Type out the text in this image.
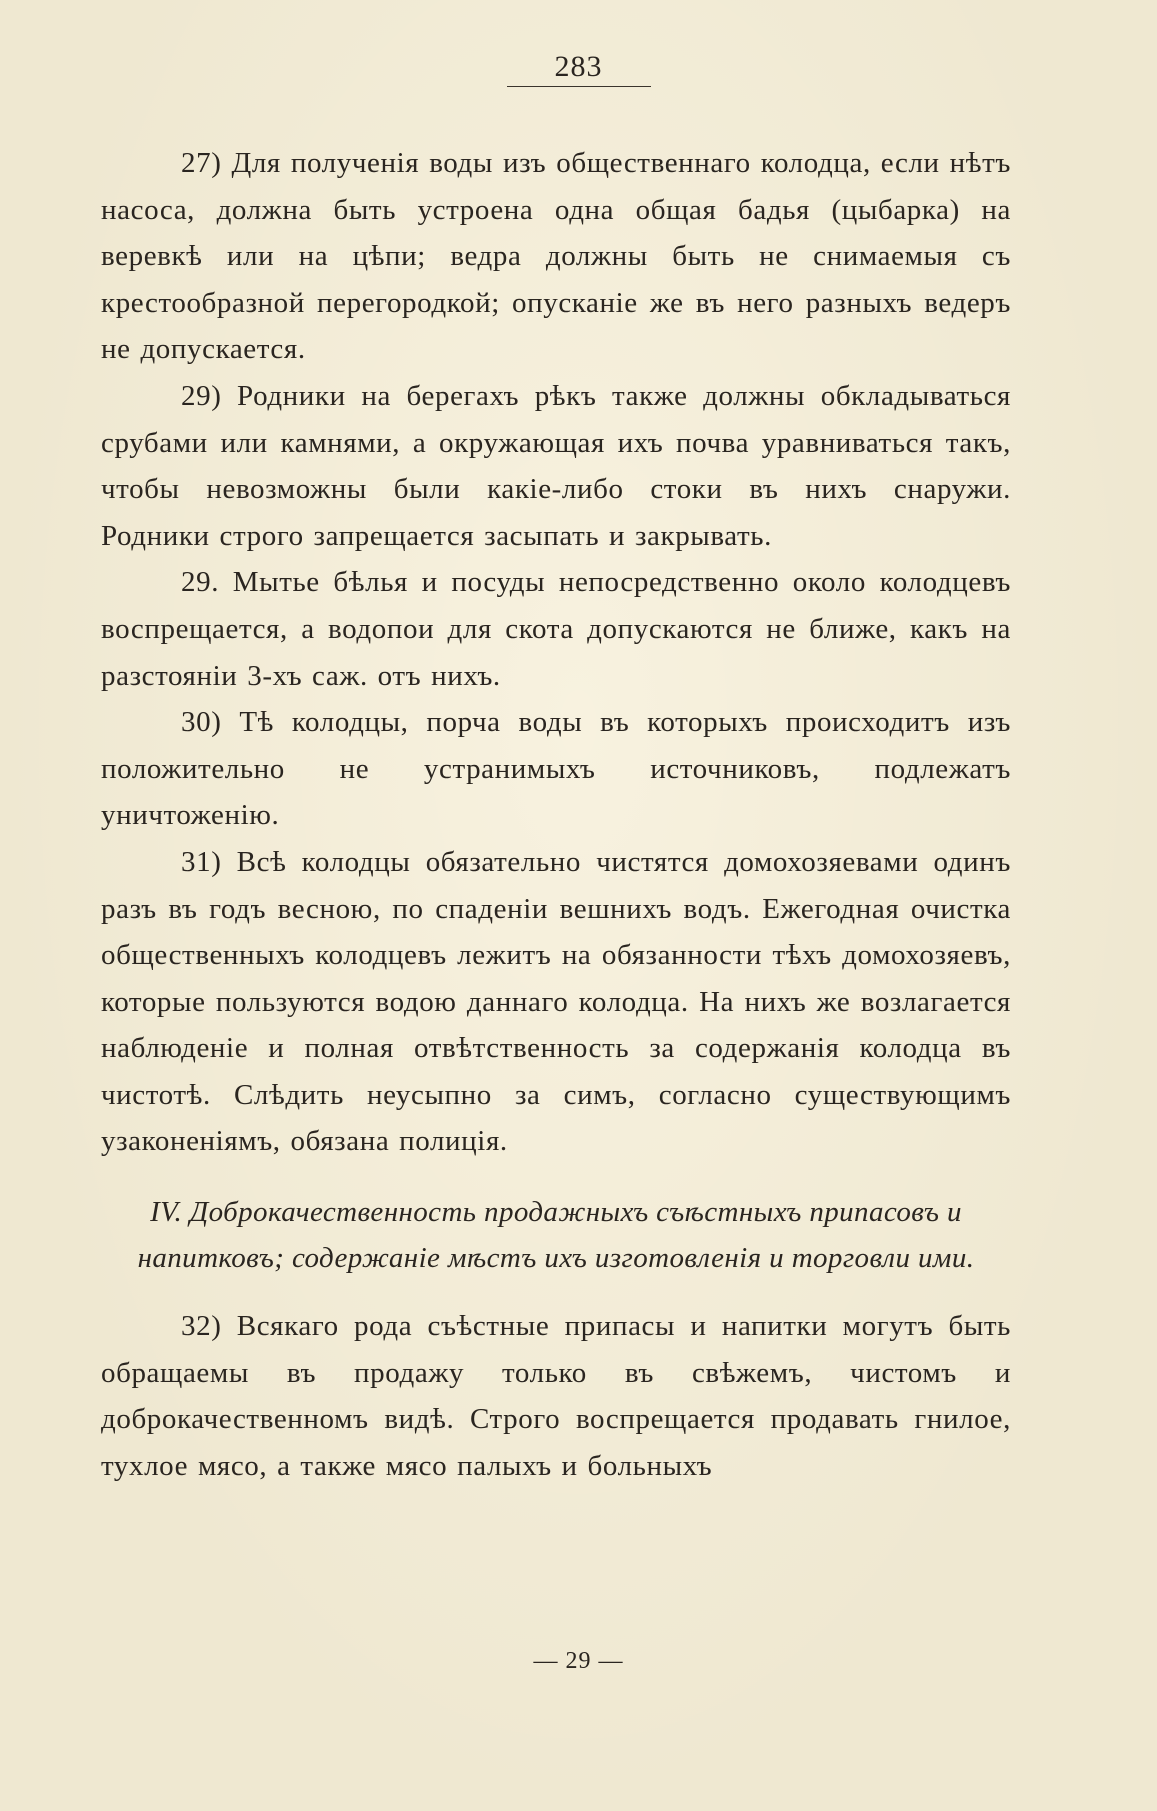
283

27) Для полученія воды изъ общественнаго колодца, если нѣтъ насоса, должна быть устроена одна общая бадья (цыбарка) на веревкѣ или на цѣпи; ведра должны быть не снимаемыя съ крестообразной перегородкой; опусканіе же въ него разныхъ ведеръ не допускается.

29) Родники на берегахъ рѣкъ также должны обкладываться срубами или камнями, а окружающая ихъ почва уравниваться такъ, чтобы невозможны были какіе-либо стоки въ нихъ снаружи. Родники строго запрещается засыпать и закрывать.

29. Мытье бѣлья и посуды непосредственно около колодцевъ воспрещается, а водопои для скота допускаются не ближе, какъ на разстояніи 3-хъ саж. отъ нихъ.

30) Тѣ колодцы, порча воды въ которыхъ происходитъ изъ положительно не устранимыхъ источниковъ, подлежатъ уничтоженію.

31) Всѣ колодцы обязательно чистятся домохозяевами одинъ разъ въ годъ весною, по спаденіи вешнихъ водъ. Ежегодная очистка общественныхъ колодцевъ лежитъ на обязанности тѣхъ домохозяевъ, которые пользуются водою даннаго колодца. На нихъ же возлагается наблюденіе и полная отвѣтственность за содержанія колодца въ чистотѣ. Слѣдить неусыпно за симъ, согласно существующимъ узаконеніямъ, обязана полиція.

IV. Доброкачественность продажныхъ съѣстныхъ припасовъ и напитковъ; содержаніе мѣстъ ихъ изготовленія и торговли ими.

32) Всякаго рода съѣстные припасы и напитки могутъ быть обращаемы въ продажу только въ свѣжемъ, чистомъ и доброкачественномъ видѣ. Строго воспрещается продавать гнилое, тухлое мясо, а также мясо палыхъ и больныхъ

— 29 —
